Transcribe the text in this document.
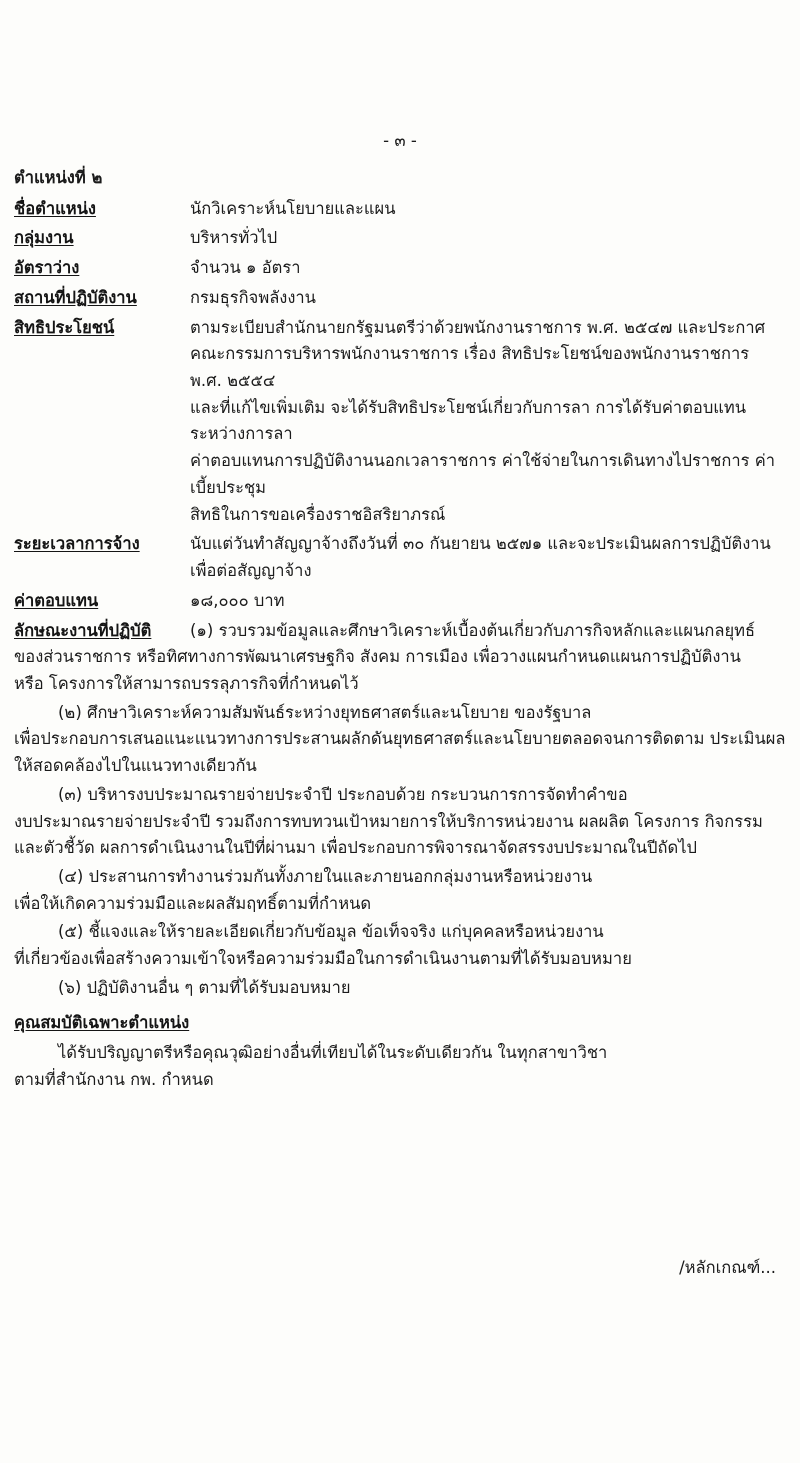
- ๓ -
ตำแหน่งที่ ๒
ชื่อตำแหน่ง	นักวิเคราะห์นโยบายและแผน
กลุ่มงาน	บริหารทั่วไป
อัตราว่าง	จำนวน ๑ อัตรา
สถานที่ปฏิบัติงาน	กรมธุรกิจพลังงาน
สิทธิประโยชน์	ตามระเบียบสำนักนายกรัฐมนตรีว่าด้วยพนักงานราชการ พ.ศ. ๒๕๔๗ และประกาศ
คณะกรรมการบริหารพนักงานราชการ เรื่อง สิทธิประโยชน์ของพนักงานราชการ พ.ศ. ๒๕๕๔
และที่แก้ไขเพิ่มเติม จะได้รับสิทธิประโยชน์เกี่ยวกับการลา การได้รับค่าตอบแทนระหว่างการลา
ค่าตอบแทนการปฏิบัติงานนอกเวลาราชการ ค่าใช้จ่ายในการเดินทางไปราชการ ค่าเบี้ยประชุม
สิทธิในการขอเครื่องราชอิสริยาภรณ์
ระยะเวลาการจ้าง	นับแต่วันทำสัญญาจ้างถึงวันที่ ๓๐ กันยายน ๒๕๗๑ และจะประเมินผลการปฏิบัติงาน
เพื่อต่อสัญญาจ้าง
ค่าตอบแทน	๑๘,๐๐๐ บาท
ลักษณะงานที่ปฏิบัติ	(๑) รวบรวมข้อมูลและศึกษาวิเคราะห์เบื้องต้นเกี่ยวกับภารกิจหลักและแผนกลยุทธ์
ของส่วนราชการ หรือทิศทางการพัฒนาเศรษฐกิจ สังคม การเมือง เพื่อวางแผนกำหนดแผนการปฏิบัติงาน
หรือ โครงการให้สามารถบรรลุภารกิจที่กำหนดไว้
(๒) ศึกษาวิเคราะห์ความสัมพันธ์ระหว่างยุทธศาสตร์และนโยบาย ของรัฐบาล
เพื่อประกอบการเสนอแนะแนวทางการประสานผลักดันยุทธศาสตร์และนโยบายตลอดจนการติดตาม ประเมินผล
ให้สอดคล้องไปในแนวทางเดียวกัน
(๓) บริหารงบประมาณรายจ่ายประจำปี ประกอบด้วย กระบวนการการจัดทำคำขอ
งบประมาณรายจ่ายประจำปี รวมถึงการทบทวนเป้าหมายการให้บริการหน่วยงาน ผลผลิต โครงการ กิจกรรม
และตัวชี้วัด ผลการดำเนินงานในปีที่ผ่านมา เพื่อประกอบการพิจารณาจัดสรรงบประมาณในปีถัดไป
(๔) ประสานการทำงานร่วมกันทั้งภายในและภายนอกกลุ่มงานหรือหน่วยงาน
เพื่อให้เกิดความร่วมมือและผลสัมฤทธิ์ตามที่กำหนด
(๕) ชี้แจงและให้รายละเอียดเกี่ยวกับข้อมูล ข้อเท็จจริง แก่บุคคลหรือหน่วยงาน
ที่เกี่ยวข้องเพื่อสร้างความเข้าใจหรือความร่วมมือในการดำเนินงานตามที่ได้รับมอบหมาย
(๖) ปฏิบัติงานอื่น ๆ ตามที่ได้รับมอบหมาย
คุณสมบัติเฉพาะตำแหน่ง
ได้รับปริญญาตรีหรือคุณวุฒิอย่างอื่นที่เทียบได้ในระดับเดียวกัน ในทุกสาขาวิชา
ตามที่สำนักงาน กพ. กำหนด
/หลักเกณฑ์...
